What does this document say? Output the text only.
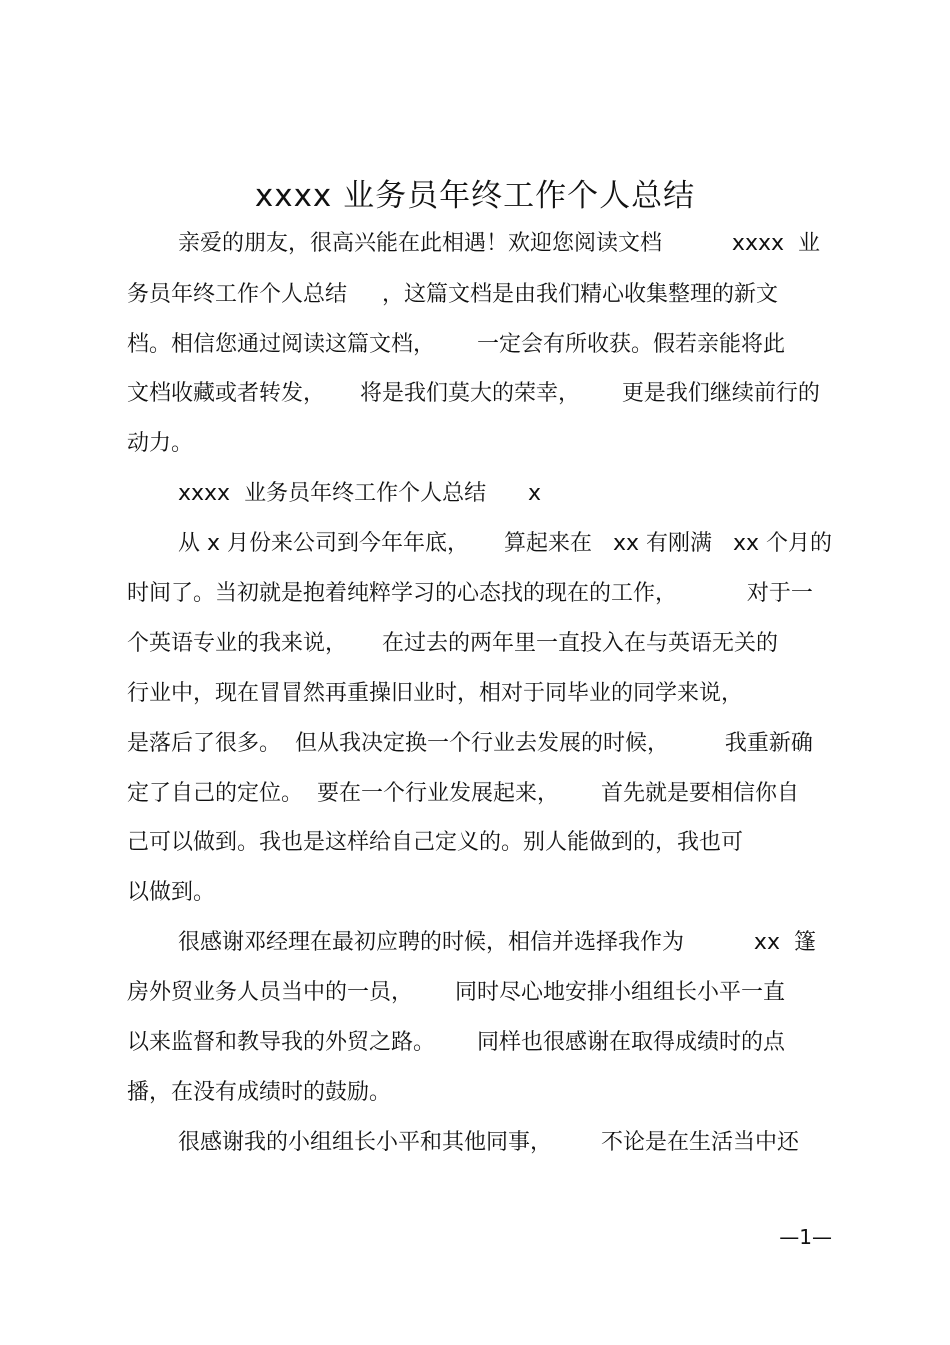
xxxx 业务员年终工作个人总结
亲爱的朋友，很高兴能在此相遇！欢迎您阅读文档          xxxx  业
务员年终工作个人总结     ，这篇文档是由我们精心收集整理的新文
档。相信您通过阅读这篇文档，      一定会有所收获。假若亲能将此
文档收藏或者转发，     将是我们莫大的荣幸，      更是我们继续前行的
动力。
xxxx  业务员年终工作个人总结      x
从 x 月份来公司到今年年底，     算起来在   xx 有刚满   xx 个月的
时间了。当初就是抱着纯粹学习的心态找的现在的工作，          对于一
个英语专业的我来说，     在过去的两年里一直投入在与英语无关的
行业中，现在冒冒然再重操旧业时，相对于同毕业的同学来说，
是落后了很多。  但从我决定换一个行业去发展的时候，        我重新确
定了自己的定位。  要在一个行业发展起来，      首先就是要相信你自
己可以做到。我也是这样给自己定义的。别人能做到的，我也可
以做到。
很感谢邓经理在最初应聘的时候，相信并选择我作为          xx  篷
房外贸业务人员当中的一员，      同时尽心地安排小组组长小平一直
以来监督和教导我的外贸之路。      同样也很感谢在取得成绩时的点
播，在没有成绩时的鼓励。
很感谢我的小组组长小平和其他同事，       不论是在生活当中还
—1—
